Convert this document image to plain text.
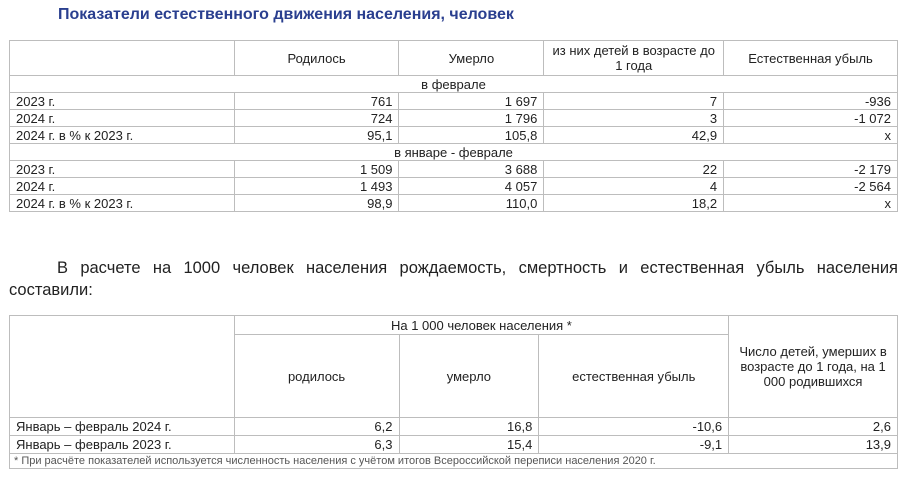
Показатели естественного движения населения, человек
	Родилось	Умерло	из них детей в возрасте до 1 года	Естественная убыль
в феврале				
2023 г.	761	1 697	7	-936
2024 г.	724	1 796	3	-1 072
2024 г. в % к 2023 г.	95,1	105,8	42,9	х
в январе - феврале				
2023 г.	1 509	3 688	22	-2 179
2024 г.	1 493	4 057	4	-2 564
2024 г. в % к 2023 г.	98,9	110,0	18,2	х
В расчете на 1000 человек населения рождаемость, смертность и естественная убыль населения составили:
	На 1 000 человек населения *			Число детей, умерших в возрасте до 1 года, на 1 000 родившихся
	родилось	умерло	естественная убыль	
Январь – февраль 2024 г.	6,2	16,8	-10,6	2,6
Январь – февраль 2023 г.	6,3	15,4	-9,1	13,9
* При расчёте показателей используется численность населения с учётом итогов Всероссийской переписи населения 2020 г.				
